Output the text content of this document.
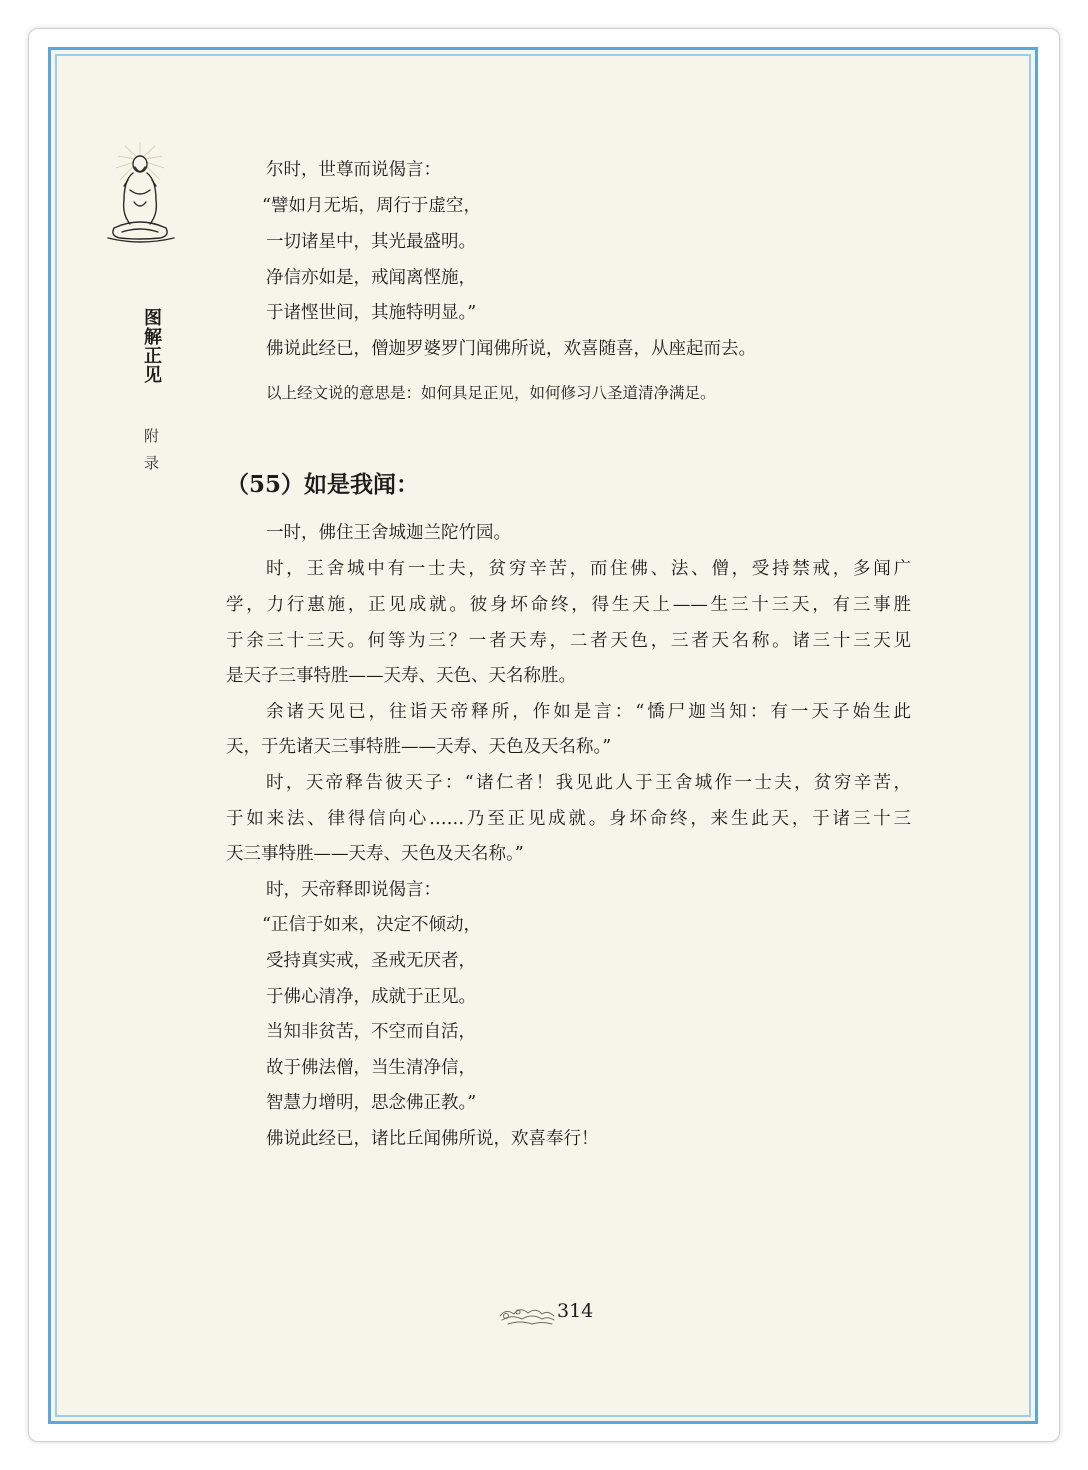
图解正见
附录
尔时，世尊而说偈言：
“譬如月无垢，周行于虚空，
一切诸星中，其光最盛明。
净信亦如是，戒闻离悭施，
于诸悭世间，其施特明显。”
佛说此经已，僧迦罗婆罗门闻佛所说，欢喜随喜，从座起而去。
以上经文说的意思是：如何具足正见，如何修习八圣道清净满足。
（55）如是我闻：
一时，佛住王舍城迦兰陀竹园。
时，王舍城中有一士夫，贫穷辛苦，而住佛、法、僧，受持禁戒，多闻广
学，力行惠施，正见成就。彼身坏命终，得生天上——生三十三天，有三事胜
于余三十三天。何等为三？一者天寿，二者天色，三者天名称。诸三十三天见
是天子三事特胜——天寿、天色、天名称胜。
余诸天见已，往诣天帝释所，作如是言：“憍尸迦当知：有一天子始生此
天，于先诸天三事特胜——天寿、天色及天名称。”
时，天帝释告彼天子：“诸仁者！我见此人于王舍城作一士夫，贫穷辛苦，
于如来法、律得信向心……乃至正见成就。身坏命终，来生此天，于诸三十三
天三事特胜——天寿、天色及天名称。”
时，天帝释即说偈言：
“正信于如来，决定不倾动，
受持真实戒，圣戒无厌者，
于佛心清净，成就于正见。
当知非贫苦，不空而自活，
故于佛法僧，当生清净信，
智慧力增明，思念佛正教。”
佛说此经已，诸比丘闻佛所说，欢喜奉行！
314
